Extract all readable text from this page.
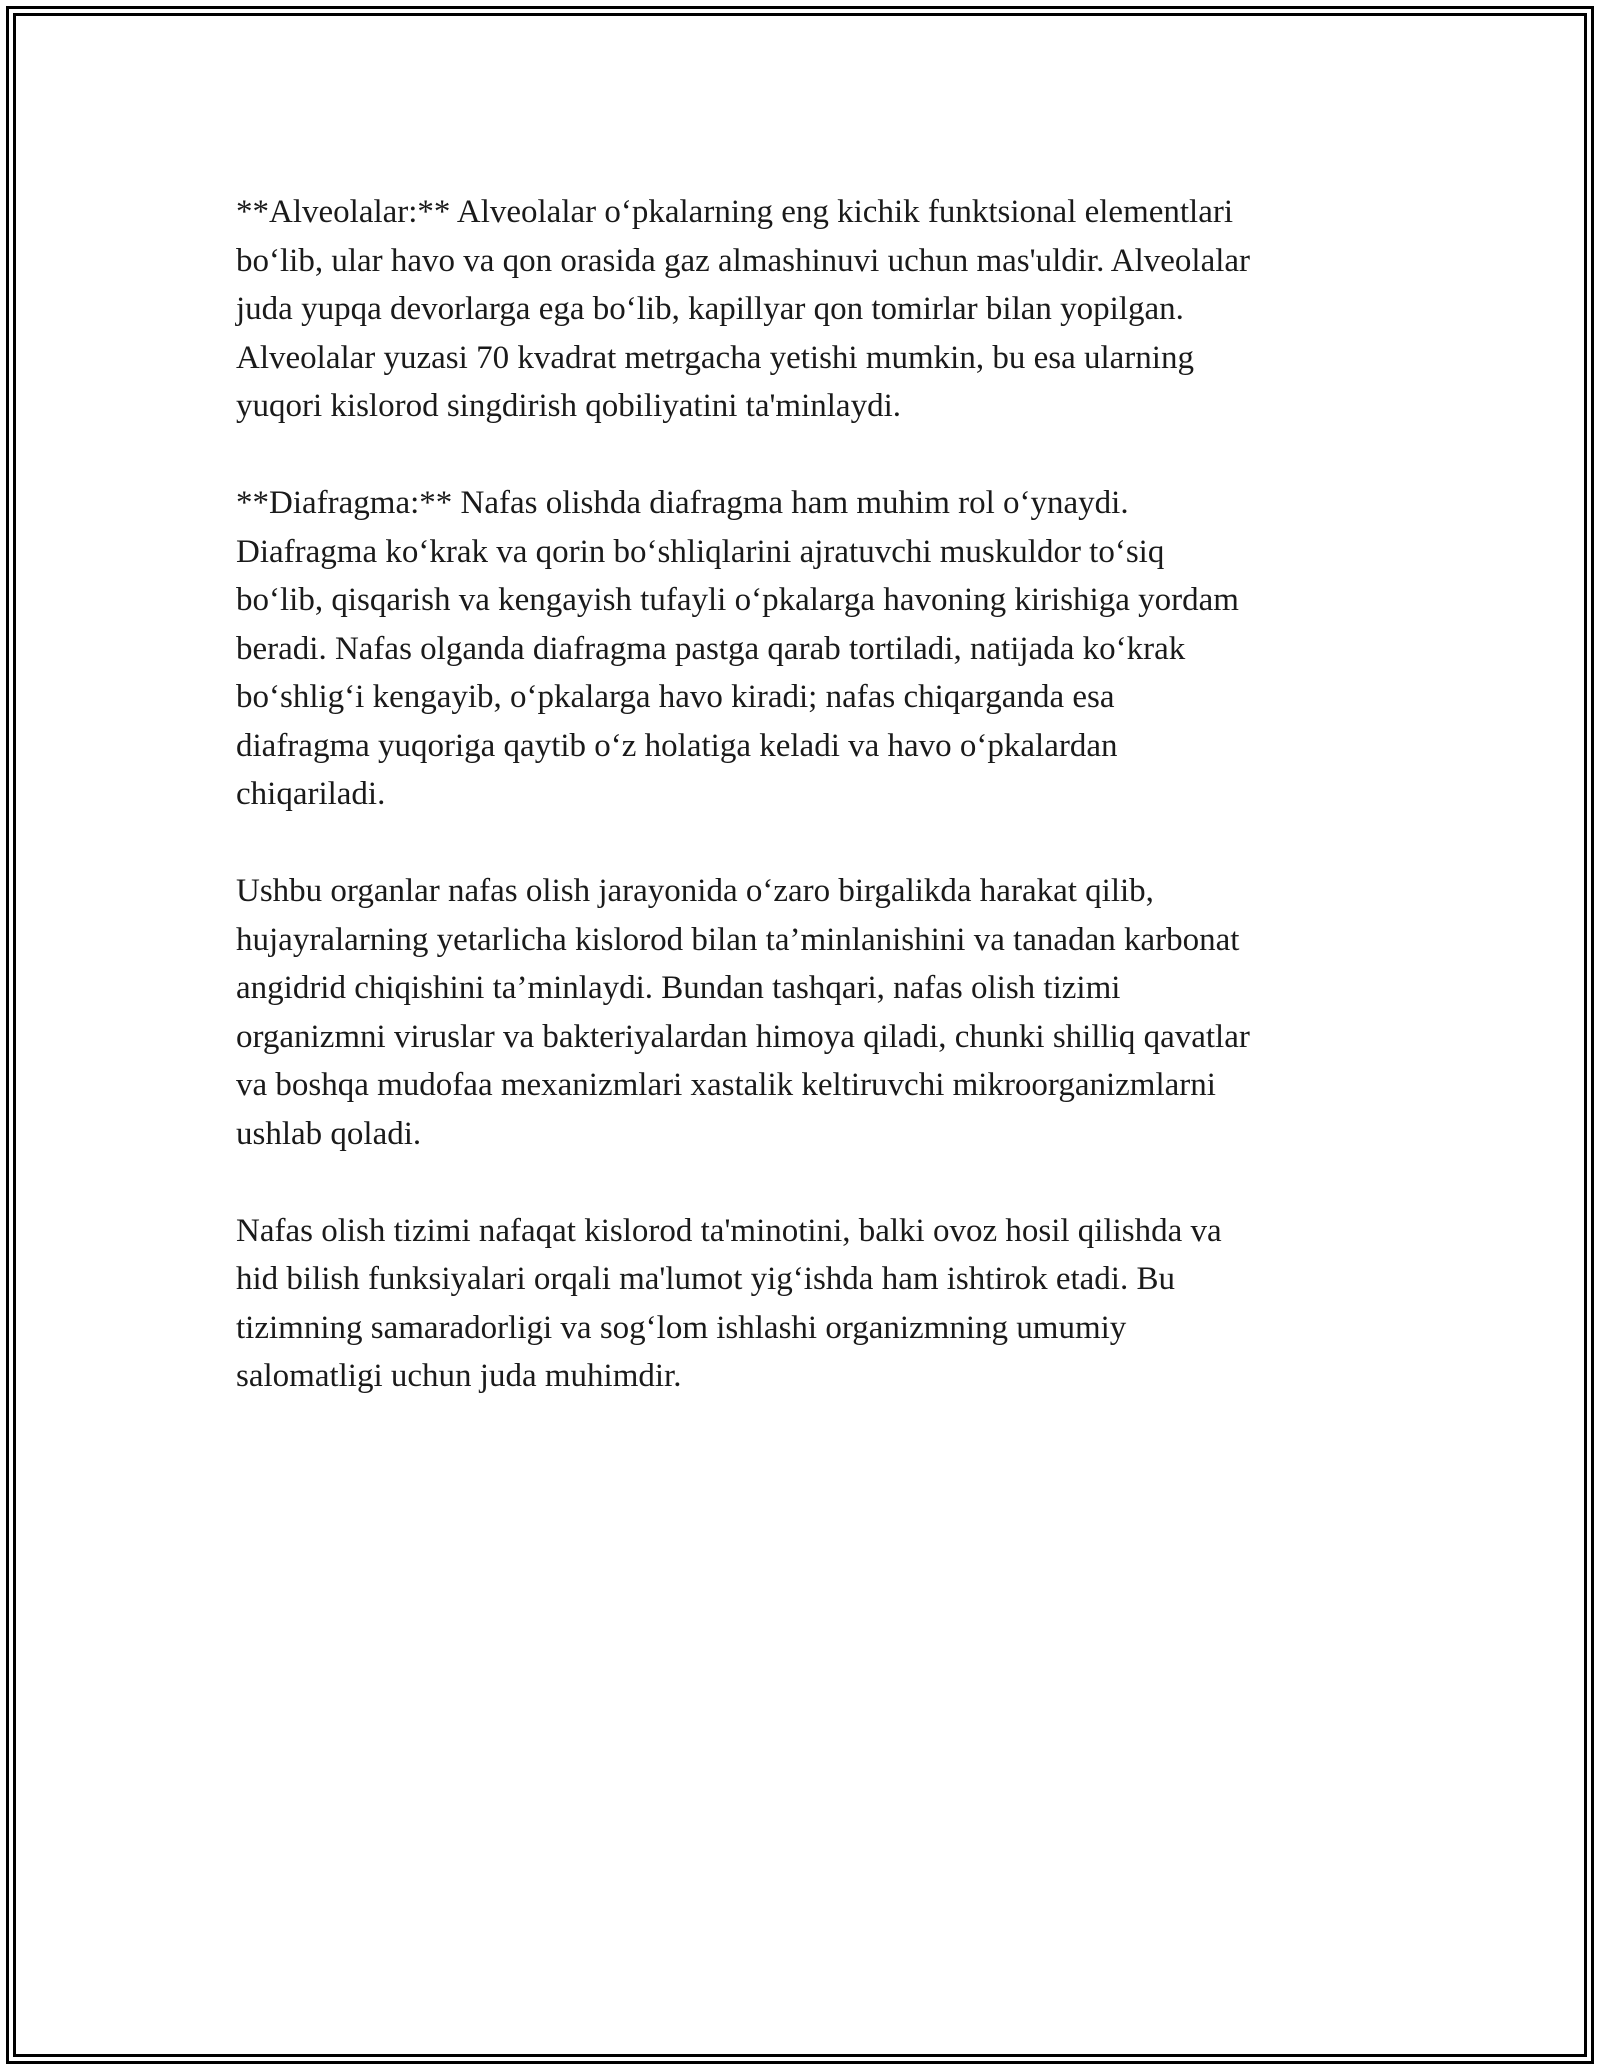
**Alveolalar:** Alveolalar o‘pkalarning eng kichik funktsional elementlari
bo‘lib, ular havo va qon orasida gaz almashinuvi uchun mas'uldir. Alveolalar
juda yupqa devorlarga ega bo‘lib, kapillyar qon tomirlar bilan yopilgan.
Alveolalar yuzasi 70 kvadrat metrgacha yetishi mumkin, bu esa ularning
yuqori kislorod singdirish qobiliyatini ta'minlaydi.

**Diafragma:** Nafas olishda diafragma ham muhim rol o‘ynaydi.
Diafragma ko‘krak va qorin bo‘shliqlarini ajratuvchi muskuldor to‘siq
bo‘lib, qisqarish va kengayish tufayli o‘pkalarga havoning kirishiga yordam
beradi. Nafas olganda diafragma pastga qarab tortiladi, natijada ko‘krak
bo‘shlig‘i kengayib, o‘pkalarga havo kiradi; nafas chiqarganda esa
diafragma yuqoriga qaytib o‘z holatiga keladi va havo o‘pkalardan
chiqariladi.

Ushbu organlar nafas olish jarayonida o‘zaro birgalikda harakat qilib,
hujayralarning yetarlicha kislorod bilan ta’minlanishini va tanadan karbonat
angidrid chiqishini ta’minlaydi. Bundan tashqari, nafas olish tizimi
organizmni viruslar va bakteriyalardan himoya qiladi, chunki shilliq qavatlar
va boshqa mudofaa mexanizmlari xastalik keltiruvchi mikroorganizmlarni
ushlab qoladi.

Nafas olish tizimi nafaqat kislorod ta'minotini, balki ovoz hosil qilishda va
hid bilish funksiyalari orqali ma'lumot yig‘ishda ham ishtirok etadi. Bu
tizimning samaradorligi va sog‘lom ishlashi organizmning umumiy
salomatligi uchun juda muhimdir.
